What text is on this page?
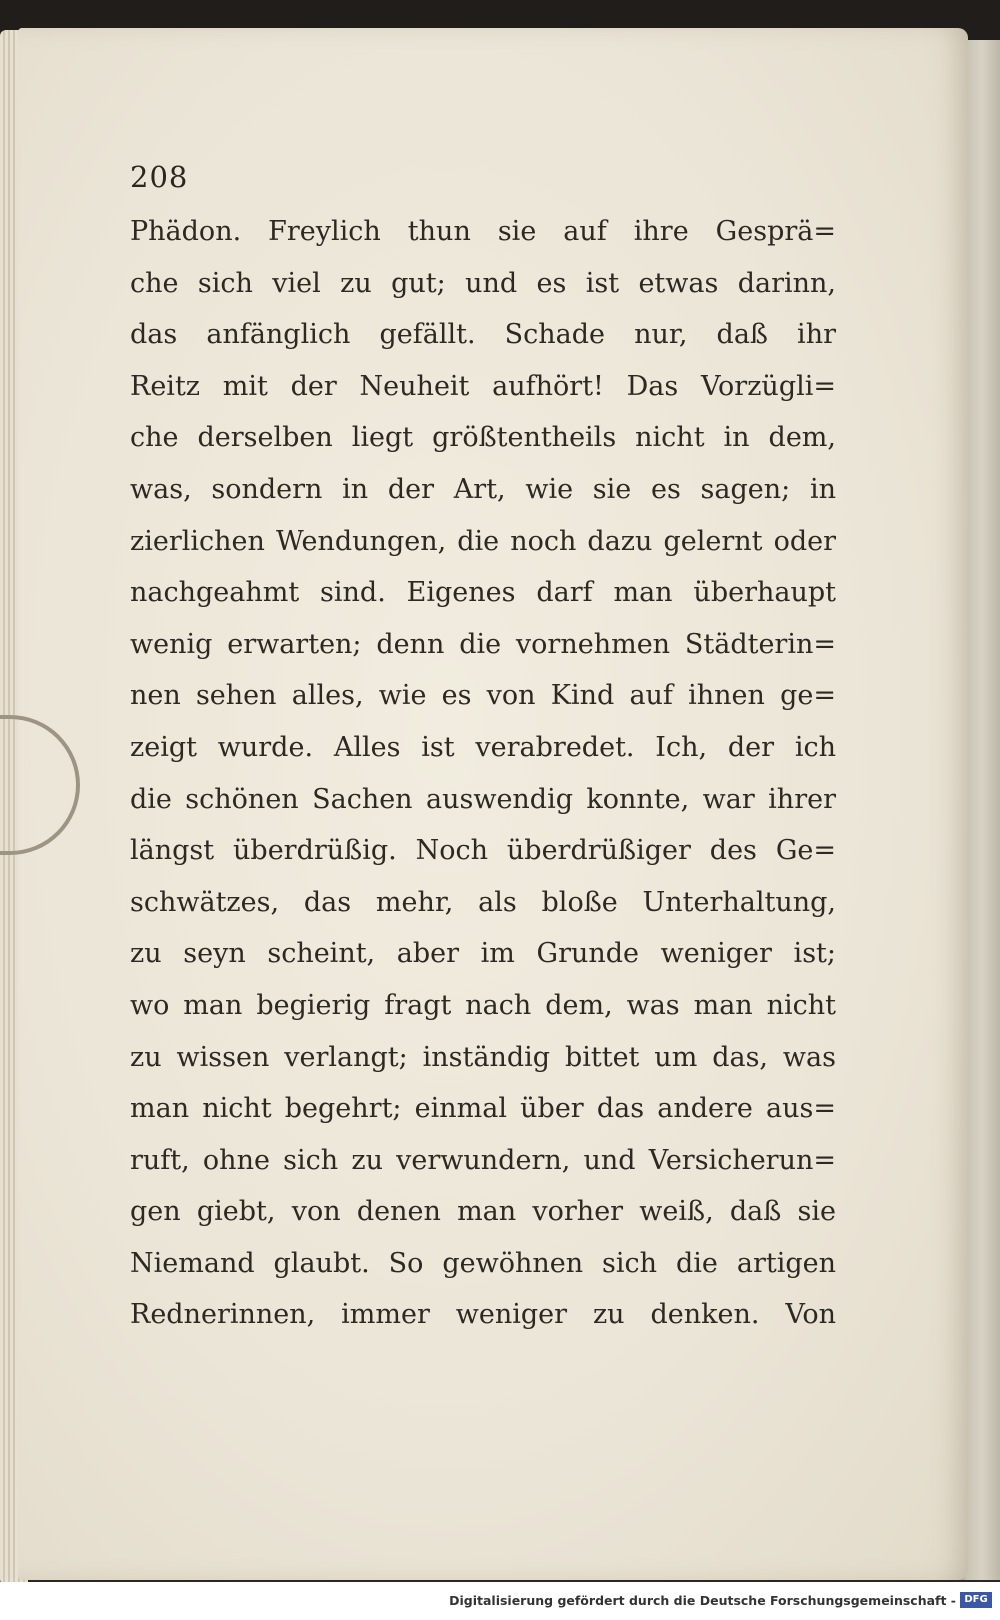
208
Phädon. Freylich thun sie auf ihre Gesprä=
che sich viel zu gut; und es ist etwas darinn,
das anfänglich gefällt. Schade nur, daß ihr
Reitz mit der Neuheit aufhört! Das Vorzügli=
che derselben liegt größtentheils nicht in dem,
was, sondern in der Art, wie sie es sagen; in
zierlichen Wendungen, die noch dazu gelernt oder
nachgeahmt sind. Eigenes darf man überhaupt
wenig erwarten; denn die vornehmen Städterin=
nen sehen alles, wie es von Kind auf ihnen ge=
zeigt wurde. Alles ist verabredet. Ich, der ich
die schönen Sachen auswendig konnte, war ihrer
längst überdrüßig. Noch überdrüßiger des Ge=
schwätzes, das mehr, als bloße Unterhaltung,
zu seyn scheint, aber im Grunde weniger ist;
wo man begierig fragt nach dem, was man nicht
zu wissen verlangt; inständig bittet um das, was
man nicht begehrt; einmal über das andere aus=
ruft, ohne sich zu verwundern, und Versicherun=
gen giebt, von denen man vorher weiß, daß sie
Niemand glaubt. So gewöhnen sich die artigen
Rednerinnen, immer weniger zu denken. Von
Digitalisierung gefördert durch die Deutsche Forschungsgemeinschaft - DFG
